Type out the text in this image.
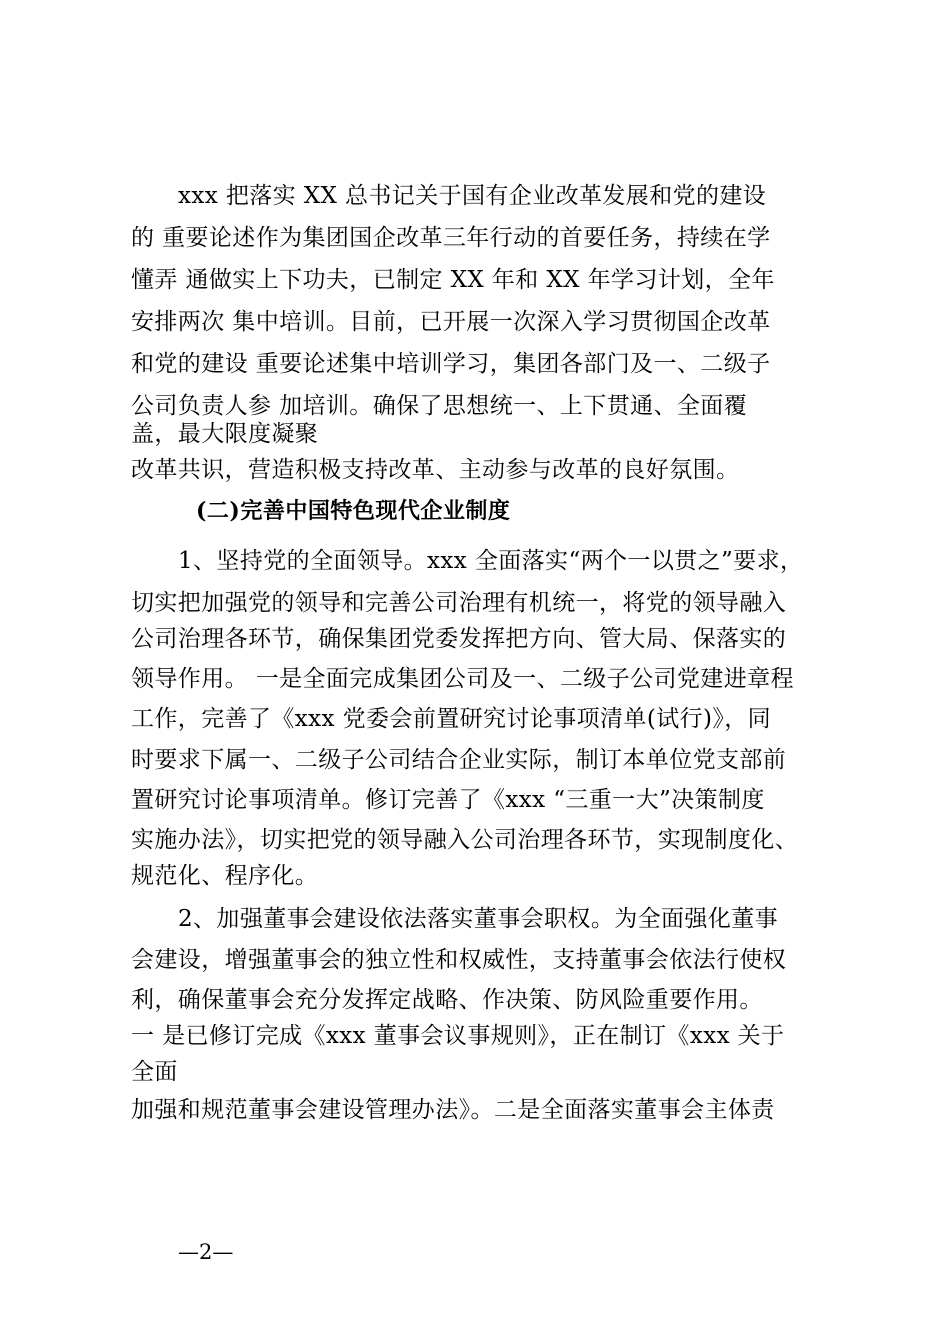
xxx 把落实 XX 总书记关于国有企业改革发展和党的建设
的 重要论述作为集团国企改革三年行动的首要任务，持续在学
懂弄 通做实上下功夫，已制定 XX 年和 XX 年学习计划，全年
安排两次 集中培训。目前，已开展一次深入学习贯彻国企改革
和党的建设 重要论述集中培训学习，集团各部门及一、二级子
公司负责人参 加培训。确保了思想统一、上下贯通、全面覆
盖，最大限度凝聚
改革共识，营造积极支持改革、主动参与改革的良好氛围。
(二)完善中国特色现代企业制度
1、坚持党的全面领导。xxx 全面落实“两个一以贯之”要求，
切实把加强党的领导和完善公司治理有机统一，将党的领导融入
公司治理各环节，确保集团党委发挥把方向、管大局、保落实的
领导作用。 一是全面完成集团公司及一、二级子公司党建进章程
工作，完善了《xxx 党委会前置研究讨论事项清单(试行)》，同
时要求下属一、二级子公司结合企业实际，制订本单位党支部前
置研究讨论事项清单。修订完善了《xxx “三重一大”决策制度
实施办法》，切实把党的领导融入公司治理各环节，实现制度化、
规范化、程序化。
2、加强董事会建设依法落实董事会职权。为全面强化董事
会建设，增强董事会的独立性和权威性，支持董事会依法行使权
利，确保董事会充分发挥定战略、作决策、防风险重要作用。
一 是已修订完成《xxx 董事会议事规则》，正在制订《xxx 关于
全面
加强和规范董事会建设管理办法》。二是全面落实董事会主体责
—2—
